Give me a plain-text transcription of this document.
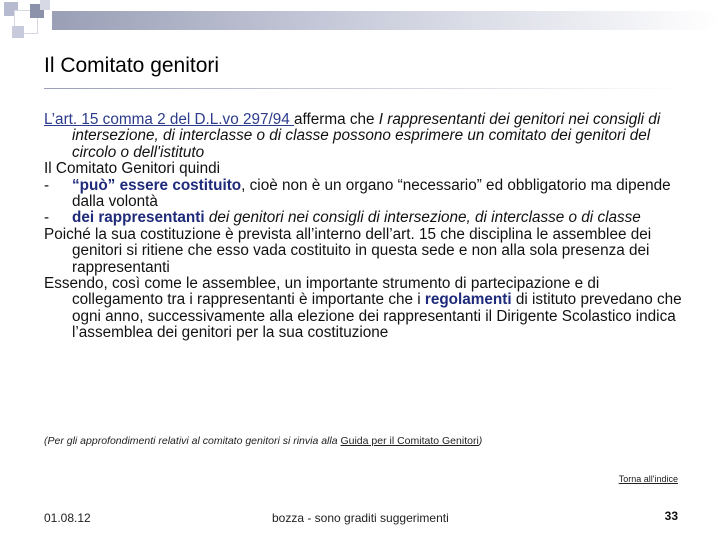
Il Comitato genitori

L’art. 15 comma 2 del D.L.vo 297/94 afferma che I rappresentanti dei genitori nei consigli di intersezione, di interclasse o di classe possono esprimere un comitato dei genitori del circolo o dell'istituto

Il Comitato Genitori quindi

- “può” essere costituito, cioè non è un organo “necessario” ed obbligatorio ma dipende dalla volontà

- dei rappresentanti dei genitori nei consigli di intersezione, di interclasse o di classe

Poiché la sua costituzione è prevista all’interno dell’art. 15 che disciplina le assemblee dei genitori si ritiene che esso vada costituito in questa sede e non alla sola presenza dei rappresentanti

Essendo, così come le assemblee, un importante strumento di partecipazione e di collegamento tra i rappresentanti è importante che i regolamenti di istituto prevedano che ogni anno, successivamente alla elezione dei rappresentanti il Dirigente Scolastico indica l’assemblea dei genitori per la sua costituzione

(Per gli approfondimenti relativi al comitato genitori si rinvia alla Guida per il Comitato Genitori)
Torna all'indice
01.08.12	bozza - sono graditi suggerimenti	33
